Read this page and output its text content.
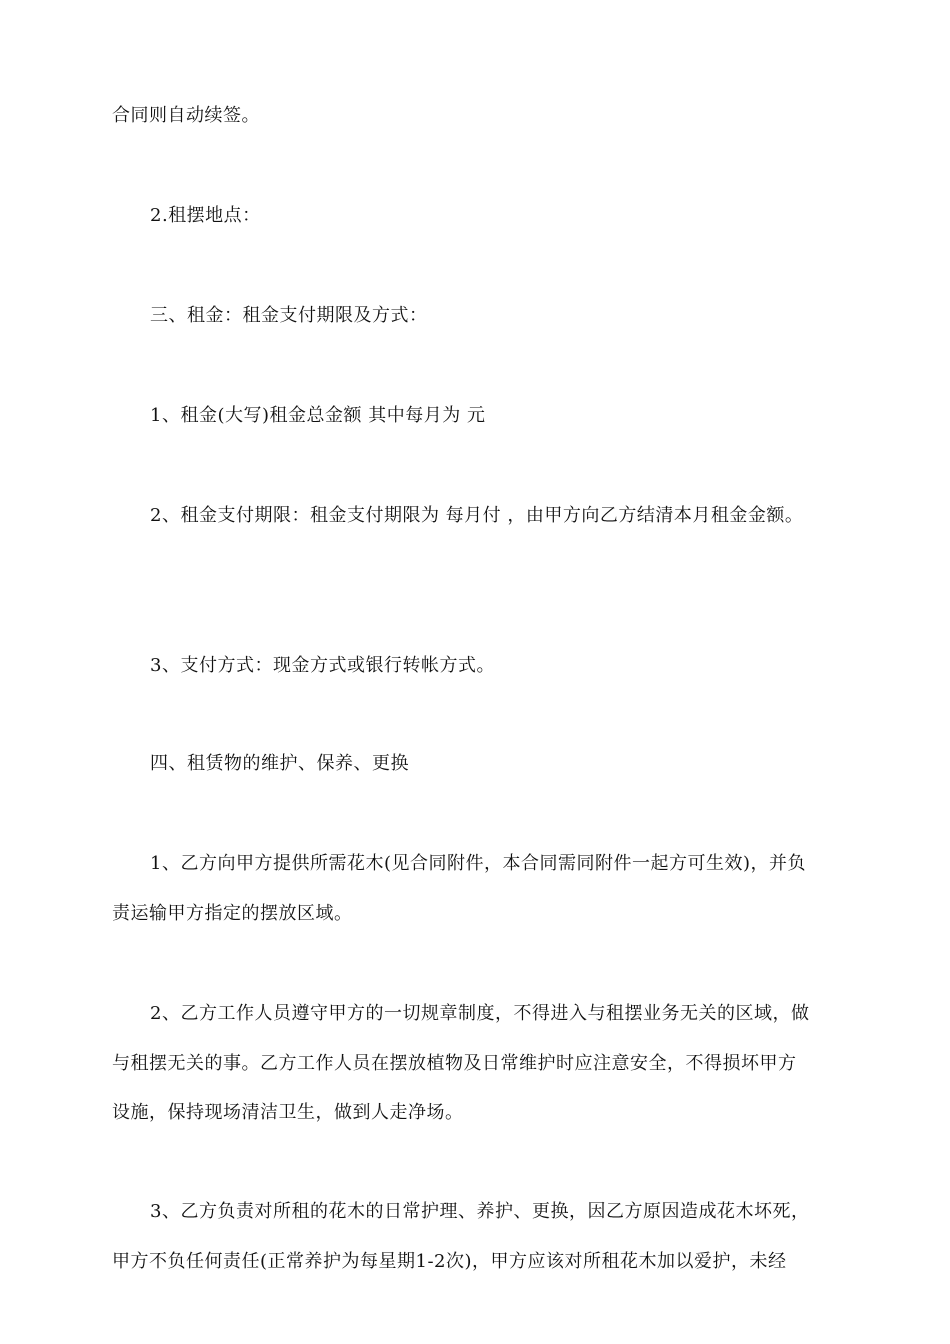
合同则自动续签。
2.租摆地点：
三、租金：租金支付期限及方式：
1、租金(大写)租金总金额 其中每月为 元
2、租金支付期限：租金支付期限为 每月付 ，由甲方向乙方结清本月租金金额。
3、支付方式：现金方式或银行转帐方式。
四、租赁物的维护、保养、更换
1、乙方向甲方提供所需花木(见合同附件，本合同需同附件一起方可生效)，并负
责运输甲方指定的摆放区域。
2、乙方工作人员遵守甲方的一切规章制度，不得进入与租摆业务无关的区域，做
与租摆无关的事。乙方工作人员在摆放植物及日常维护时应注意安全，不得损坏甲方
设施，保持现场清洁卫生，做到人走净场。
3、乙方负责对所租的花木的日常护理、养护、更换，因乙方原因造成花木坏死，
甲方不负任何责任(正常养护为每星期1-2次)，甲方应该对所租花木加以爱护，未经
